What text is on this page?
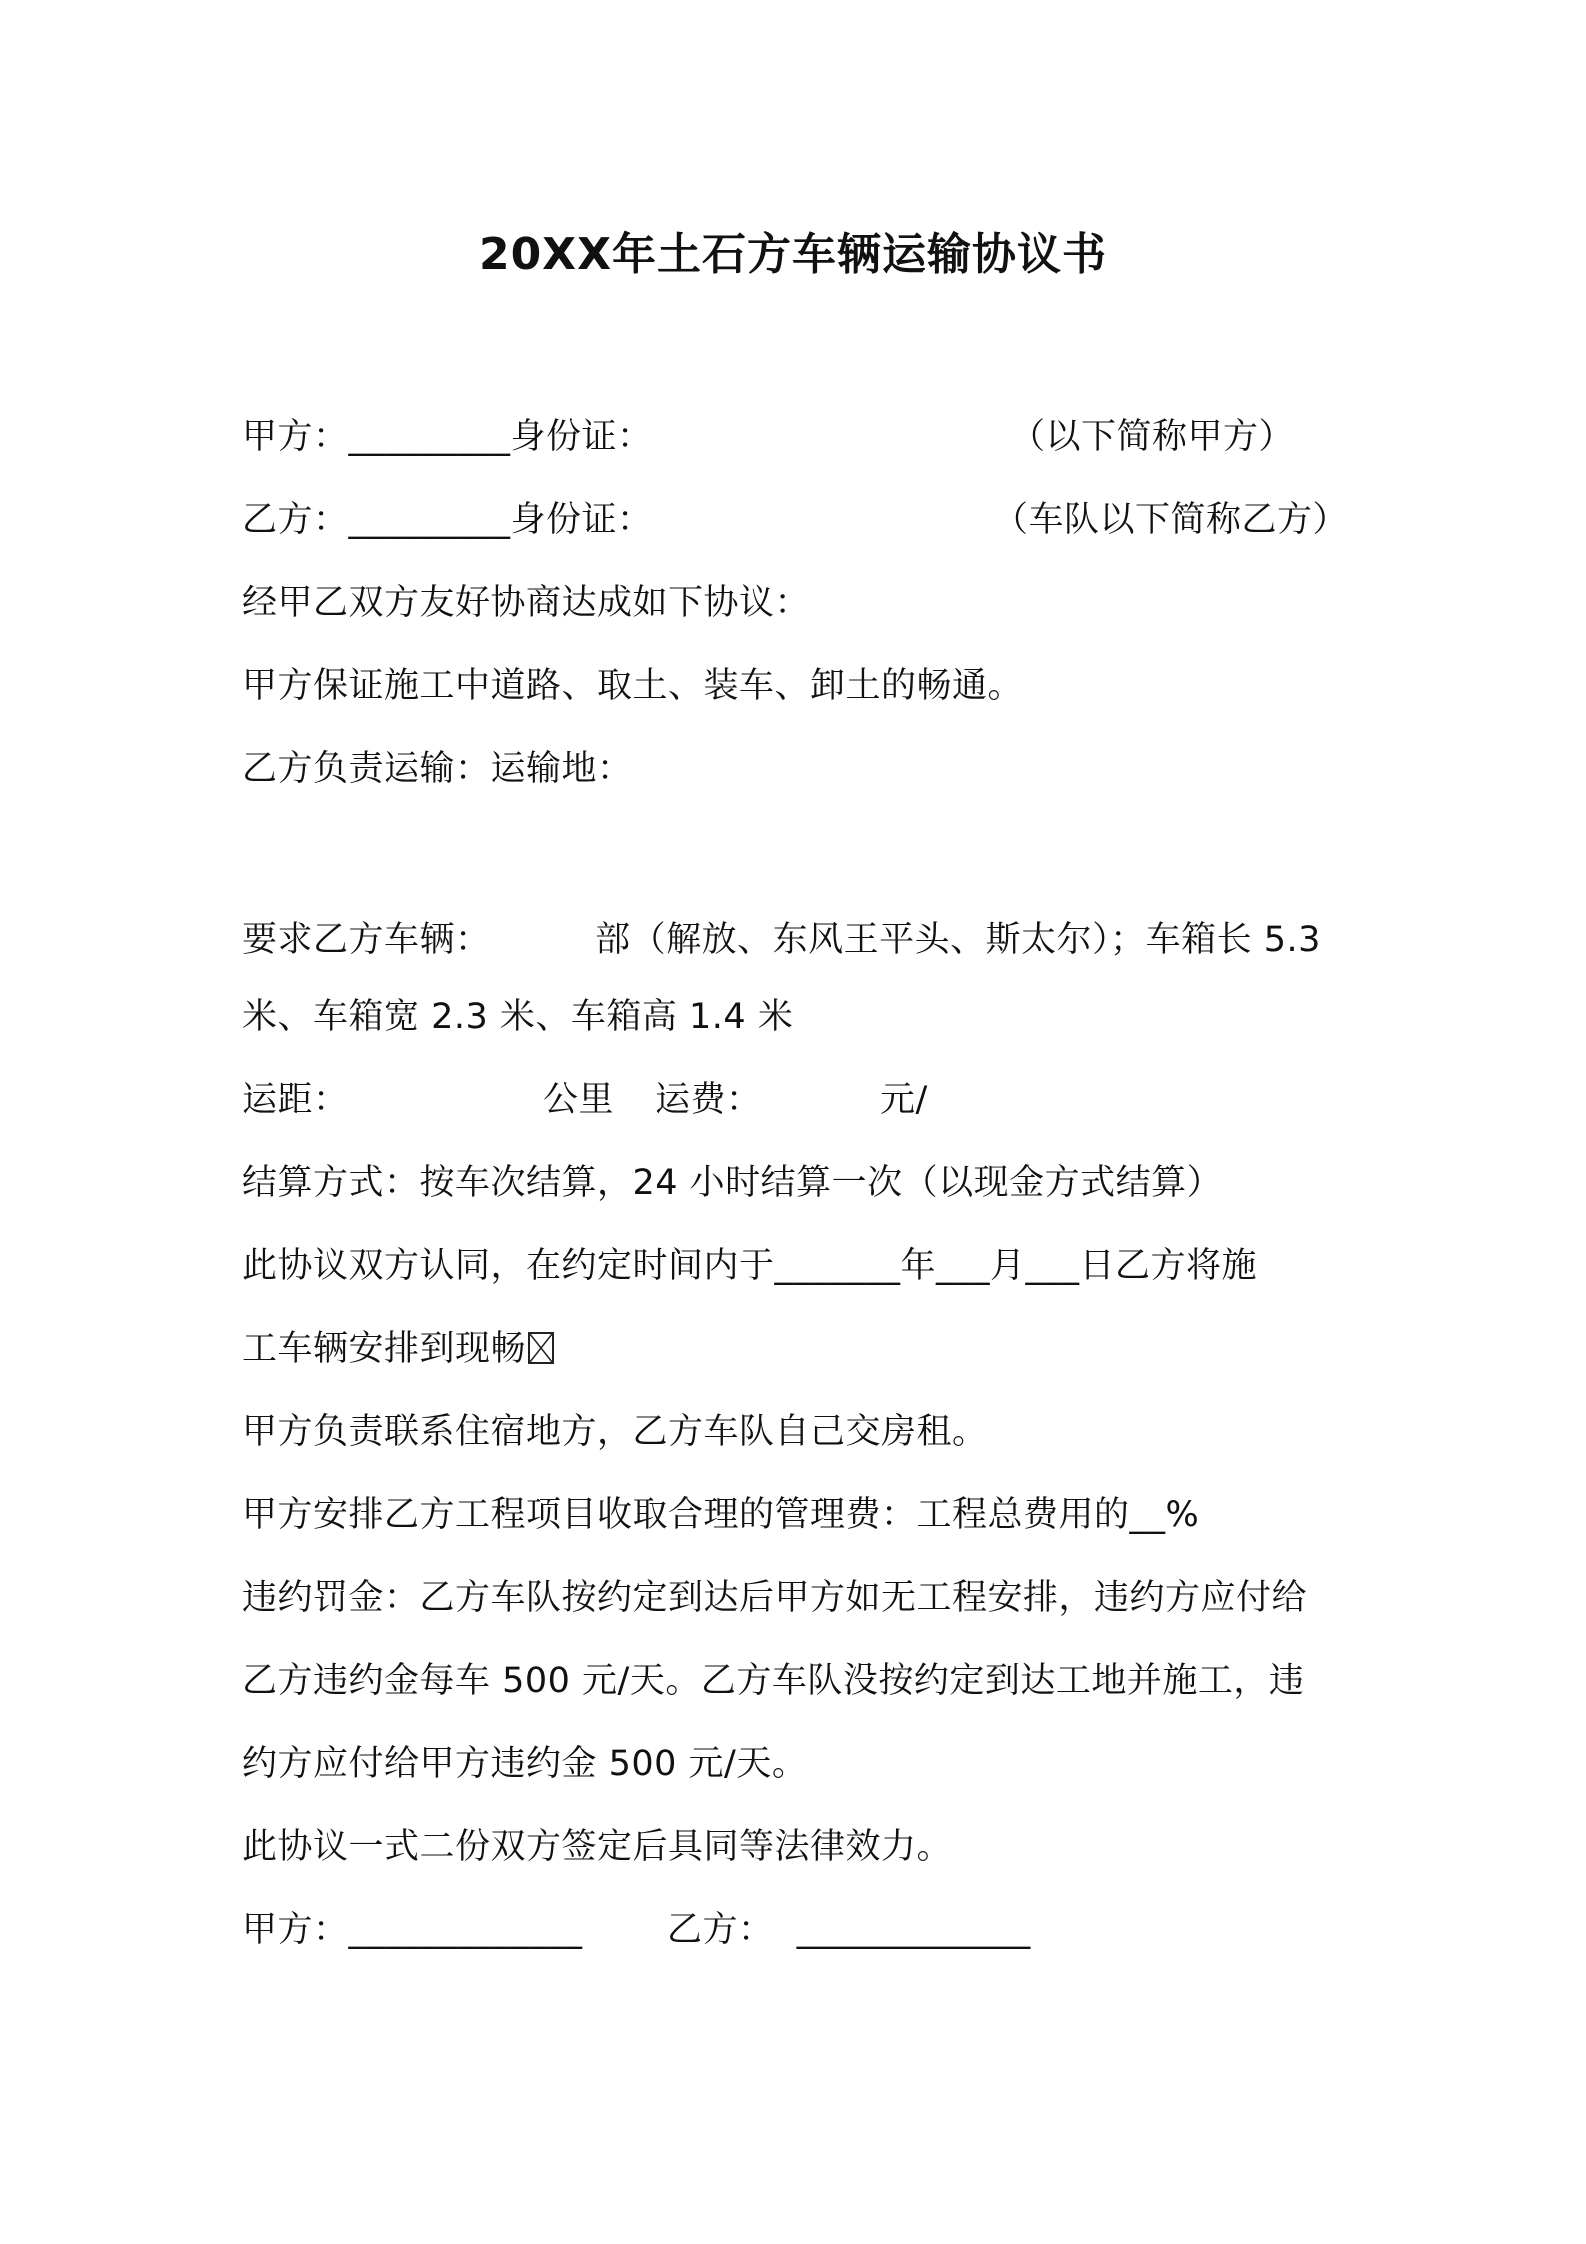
20XX年土石方车辆运输协议书
甲方：_________身份证：	（以下简称甲方）
乙方：_________身份证：	（车队以下简称乙方）
经甲乙双方友好协商达成如下协议：
甲方保证施工中道路、取土、装车、卸土的畅通。
乙方负责运输：运输地：
要求乙方车辆：         部（解放、东风王平头、斯太尔）；车箱长 5.3
米、车箱宽 2.3 米、车箱高 1.4 米
运距：	公里 运费：	元/
结算方式：按车次结算，24 小时结算一次（以现金方式结算）
此协议双方认同，在约定时间内于_______年___月___日乙方将施
工车辆安排到现畅
甲方负责联系住宿地方，乙方车队自己交房租。
甲方安排乙方工程项目收取合理的管理费：工程总费用的__%
违约罚金：乙方车队按约定到达后甲方如无工程安排，违约方应付给
乙方违约金每车 500 元/天。乙方车队没按约定到达工地并施工，违
约方应付给甲方违约金 500 元/天。
此协议一式二份双方签定后具同等法律效力。
甲方：_____________ 乙方：  _____________
